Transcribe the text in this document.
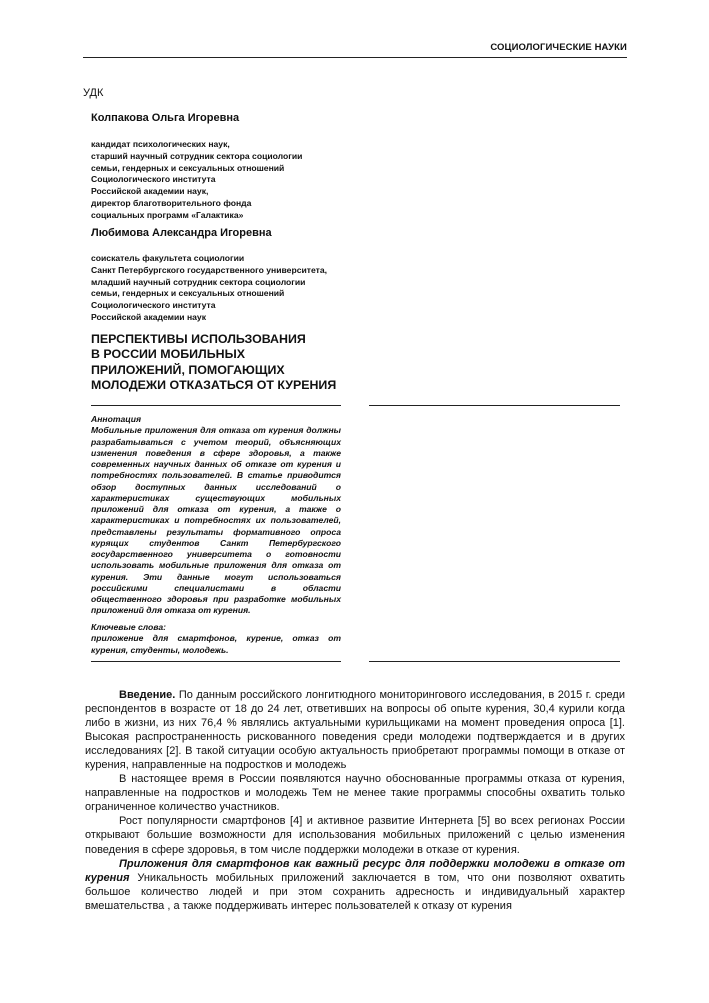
СОЦИОЛОГИЧЕСКИЕ НАУКИ
УДК
Колпакова Ольга Игоревна
кандидат психологических наук,
старший научный сотрудник сектора социологии
семьи, гендерных и сексуальных отношений
Социологического института
Российской академии наук,
директор благотворительного фонда
социальных программ «Галактика»
Любимова Александра Игоревна
соискатель факультета социологии
Санкт Петербургского государственного университета,
младший научный сотрудник сектора социологии
семьи, гендерных и сексуальных отношений
Социологического института
Российской академии наук
ПЕРСПЕКТИВЫ ИСПОЛЬЗОВАНИЯ
В РОССИИ МОБИЛЬНЫХ
ПРИЛОЖЕНИЙ, ПОМОГАЮЩИХ
МОЛОДЕЖИ ОТКАЗАТЬСЯ ОТ КУРЕНИЯ
Аннотация
Мобильные приложения для отказа от курения должны разрабатываться с учетом теорий, объясняющих изменения поведения в сфере здоровья, а также современных научных данных об отказе от курения и потребностях пользователей. В статье приводится обзор доступных данных исследований о характеристиках существующих мобильных приложений для отказа от курения, а также о характеристиках и потребностях их пользователей, представлены результаты формативного опроса курящих студентов Санкт Петербургского государственного университета о готовности использовать мобильные приложения для отказа от курения. Эти данные могут использоваться российскими специалистами в области общественного здоровья при разработке мобильных приложений для отказа от курения.
Ключевые слова:
приложение для смартфонов, курение, отказ от курения, студенты, молодежь.

Введение. По данным российского лонгитюдного мониторингового исследования, в 2015 г. среди респондентов в возрасте от 18 до 24 лет, ответивших на вопросы об опыте курения, 30,4 курили когда либо в жизни, из них 76,4 % являлись актуальными курильщиками на момент проведения опроса [1]. Высокая распространенность рискованного поведения среди молодежи подтверждается и в других исследованиях [2]. В такой ситуации особую актуальность приобретают программы помощи в отказе от курения, направленные на подростков и молодежь

В настоящее время в России появляются научно обоснованные программы отказа от курения, направленные на подростков и молодежь Тем не менее такие программы способны охватить только ограниченное количество участников.

Рост популярности смартфонов [4] и активное развитие Интернета [5] во всех регионах России открывают большие возможности для использования мобильных приложений с целью изменения поведения в сфере здоровья, в том числе поддержки молодежи в отказе от курения.

Приложения для смартфонов как важный ресурс для поддержки молодежи в отказе от курения Уникальность мобильных приложений заключается в том, что они позволяют охватить большое количество людей и при этом сохранить адресность и индивидуальный характер вмешательства , а также поддерживать интерес пользователей к отказу от курения
